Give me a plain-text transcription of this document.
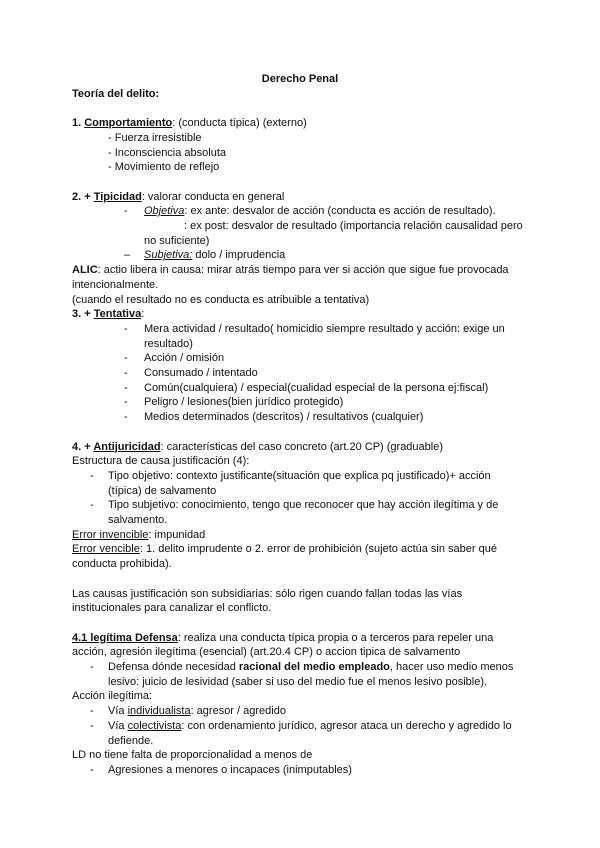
Derecho Penal
Teoría del delito:
1. Comportamiento: (conducta típica) (externo)
- Fuerza irresistible
- Inconsciencia absoluta
- Movimiento de reflejo
2. + Tipicidad: valorar conducta en general
- Objetiva: ex ante: desvalor de acción (conducta es acción de resultado).
: ex post: desvalor de resultado (importancia relación causalidad pero
no suficiente)
– Subjetiva: dolo / imprudencia
ALIC: actio libera in causa: mirar atrás tiempo para ver si acción que sigue fue provocada
intencionalmente.
(cuando el resultado no es conducta es atribuible a tentativa)
3. + Tentativa:
- Mera actividad / resultado( homicidio siempre resultado y acción: exige un
resultado)
- Acción / omisión
- Consumado / intentado
- Común(cualquiera) / especial(cualidad especial de la persona ej:fiscal)
- Peligro / lesiones(bien jurídico protegido)
- Medios determinados (descritos) / resultativos (cualquier)
4. + Antijuricidad: características del caso concreto (art.20 CP) (graduable)
Estructura de causa justificación (4):
- Tipo objetivo: contexto justificante(situación que explica pq justificado)+ acción
(típica) de salvamento
- Tipo subjetivo: conocimiento, tengo que reconocer que hay acción ilegítima y de
salvamento.
Error invencible: impunidad
Error vencible: 1. delito imprudente o 2. error de prohibición (sujeto actúa sin saber qué
conducta prohibida).
Las causas justificación son subsidiarias: sólo rigen cuando fallan todas las vías
institucionales para canalizar el conflicto.
4.1 legítima Defensa: realiza una conducta típica propia o a terceros para repeler una
acción, agresión ilegítima (esencial) (art.20.4 CP) o accion tipica de salvamento
- Defensa dónde necesidad racional del medio empleado, hacer uso medio menos
lesivo: juicio de lesividad (saber si uso del medio fue el menos lesivo posible).
Acción ilegítima:
- Vía individualista: agresor / agredido
- Vía colectivista: con ordenamiento jurídico, agresor ataca un derecho y agredido lo
defiende.
LD no tiene falta de proporcionalidad a menos de
- Agresiones a menores o incapaces (inimputables)
